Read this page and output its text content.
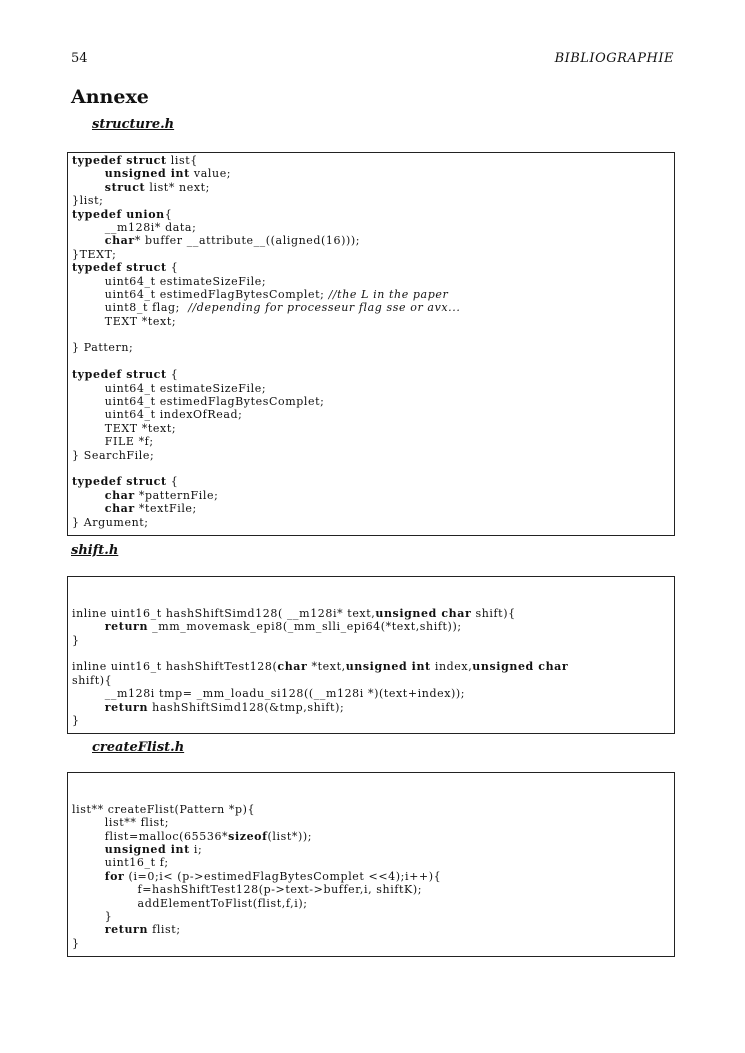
54	BIBLIOGRAPHIE
Annexe
structure.h
typedef struct list{
unsigned int value;
struct list* next;
}list;
typedef union{
__m128i* data;
char* buffer __attribute__((aligned(16)));
}TEXT;
typedef struct {
uint64_t estimateSizeFile;
uint64_t estimedFlagBytesComplet; //the L in the paper
uint8_t flag;  //depending for processeur flag sse or avx...
TEXT *text;
} Pattern;
typedef struct {
uint64_t estimateSizeFile;
uint64_t estimedFlagBytesComplet;
uint64_t indexOfRead;
TEXT *text;
FILE *f;
} SearchFile;
typedef struct {
char *patternFile;
char *textFile;
} Argument;
shift.h
inline uint16_t hashShiftSimd128( __m128i* text,unsigned char shift){
return _mm_movemask_epi8(_mm_slli_epi64(*text,shift));
}
inline uint16_t hashShiftTest128(char *text,unsigned int index,unsigned char
shift){
__m128i tmp= _mm_loadu_si128((__m128i *)(text+index));
return hashShiftSimd128(&tmp,shift);
}
createFlist.h
list** createFlist(Pattern *p){
list** flist;
flist=malloc(65536*sizeof(list*));
unsigned int i;
uint16_t f;
for (i=0;i< (p->estimedFlagBytesComplet <<4);i++){
f=hashShiftTest128(p->text->buffer,i, shiftK);
addElementToFlist(flist,f,i);
}
return flist;
}
